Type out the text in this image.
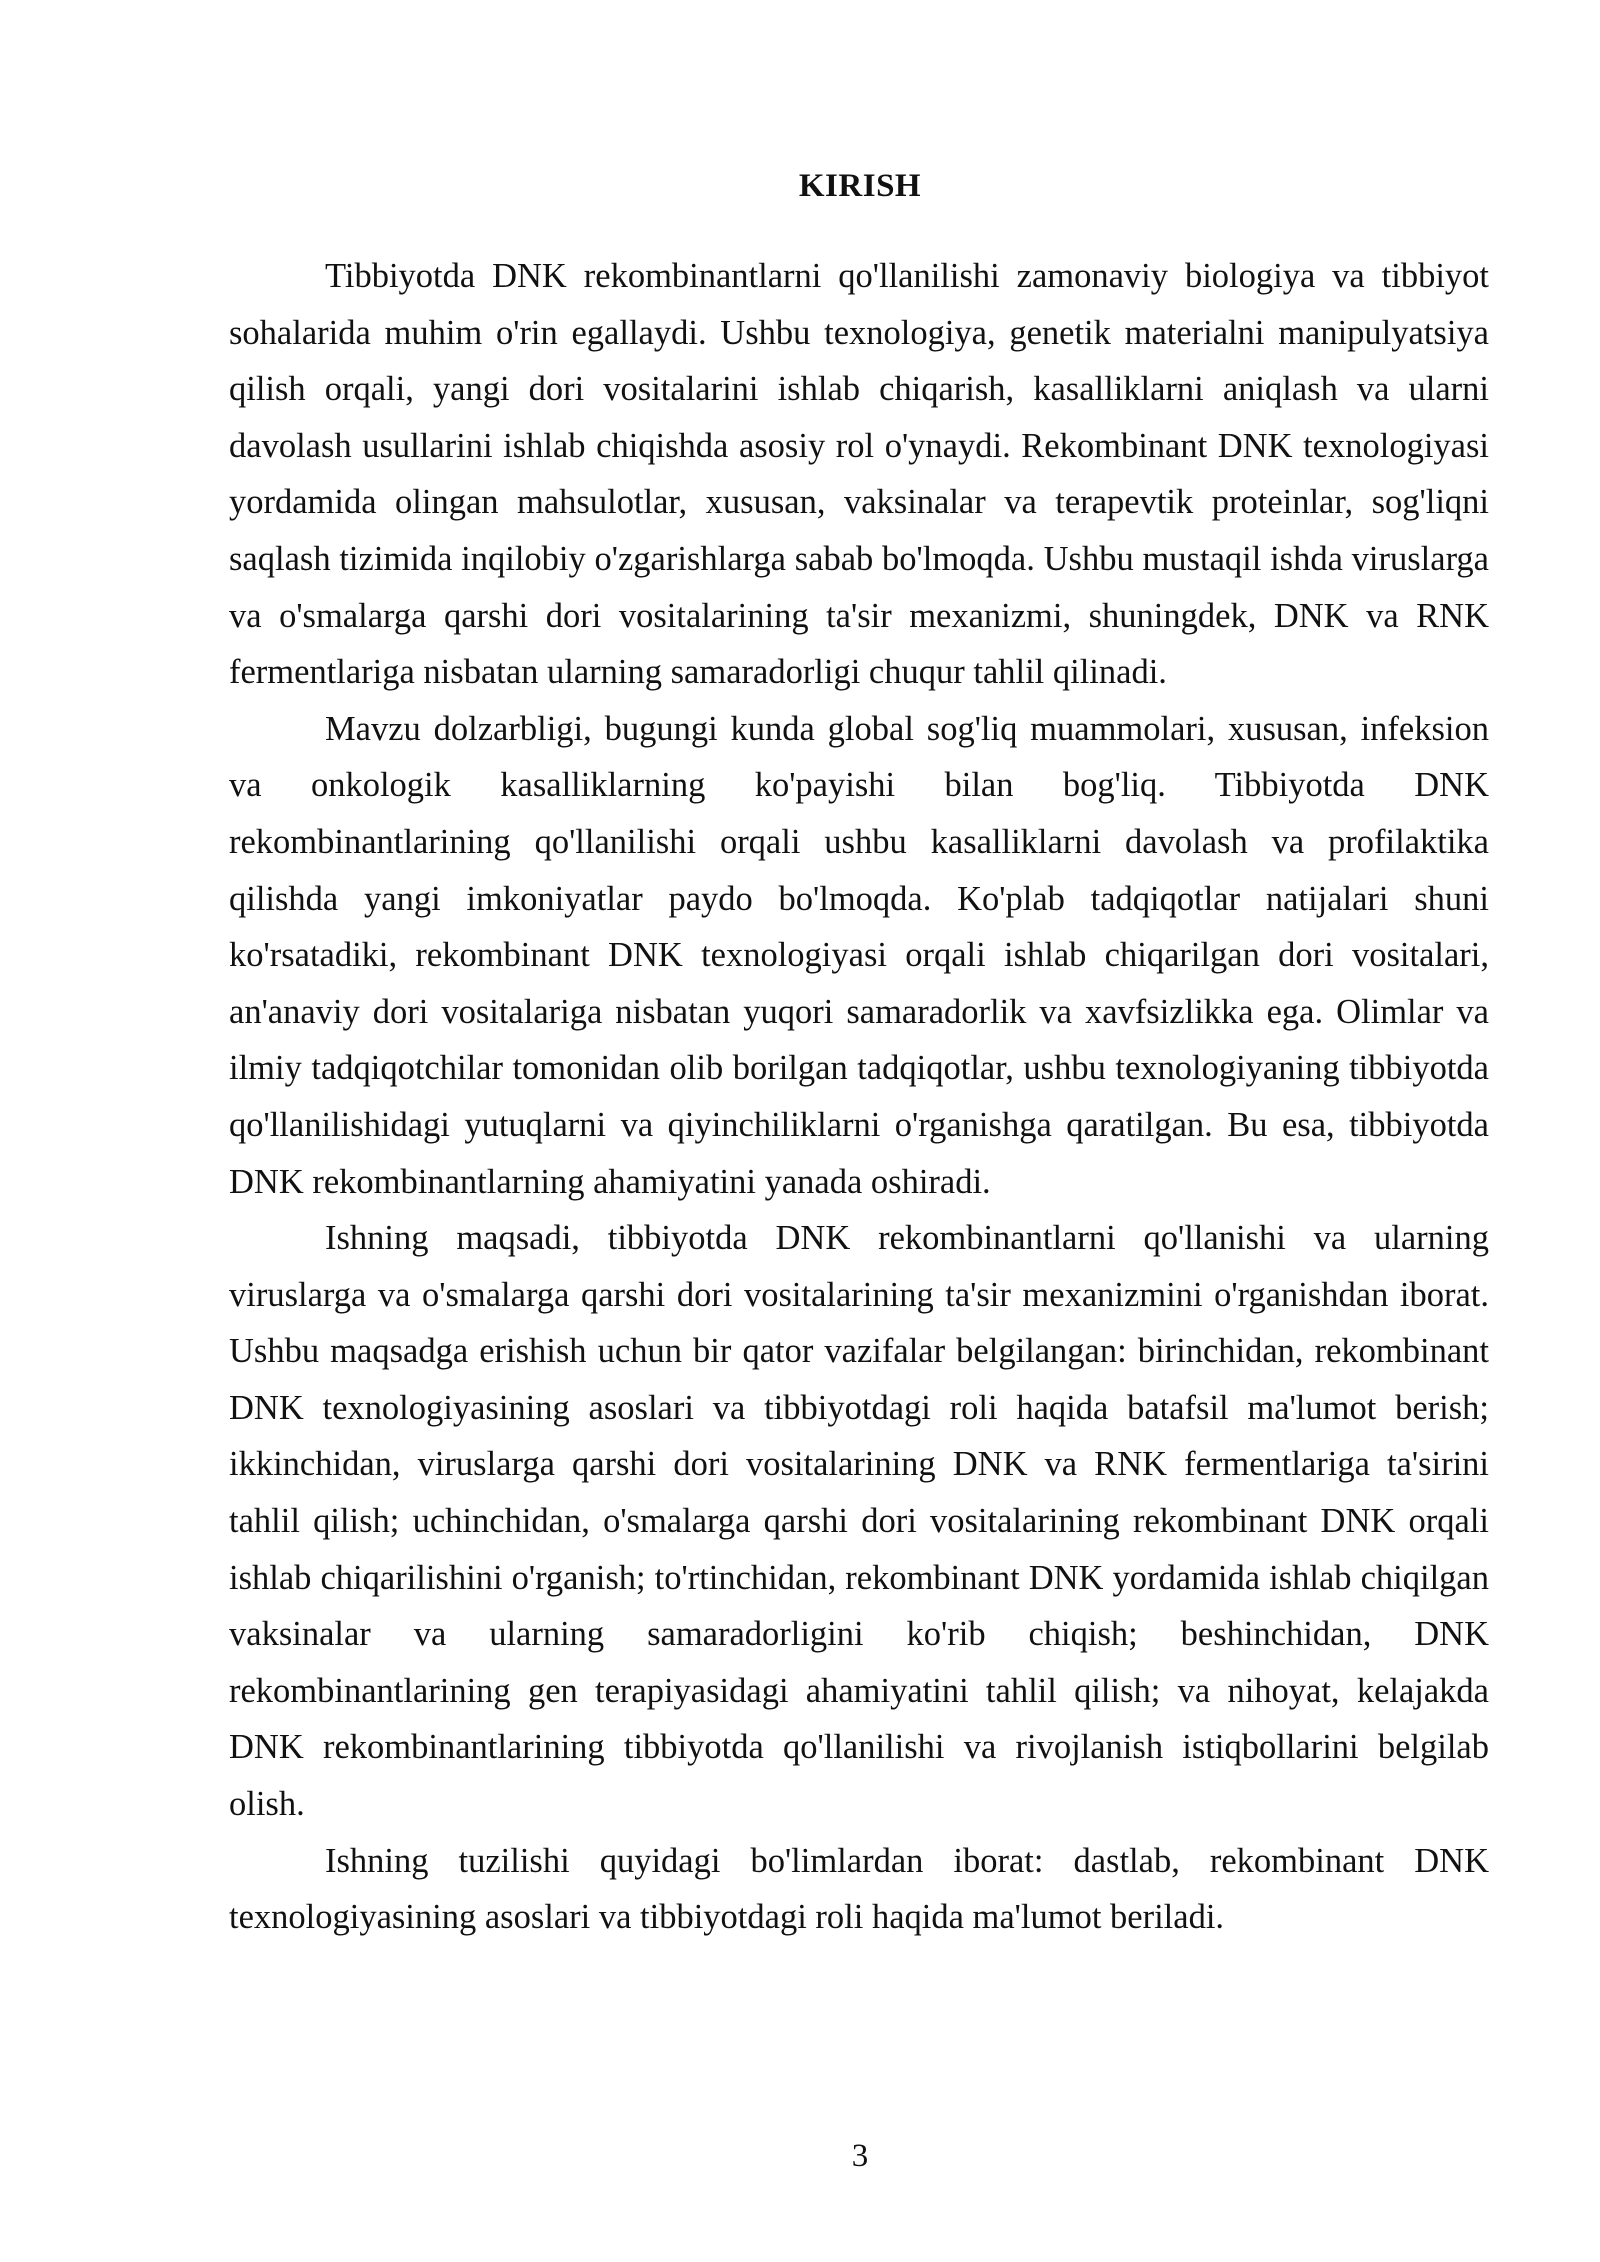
KIRISH

Tibbiyotda DNK rekombinantlarni qo'llanilishi zamonaviy biologiya va tibbiyot sohalarida muhim o'rin egallaydi. Ushbu texnologiya, genetik materialni manipulyatsiya qilish orqali, yangi dori vositalarini ishlab chiqarish, kasalliklarni aniqlash va ularni davolash usullarini ishlab chiqishda asosiy rol o'ynaydi. Rekombinant DNK texnologiyasi yordamida olingan mahsulotlar, xususan, vaksinalar va terapevtik proteinlar, sog'liqni saqlash tizimida inqilobiy o'zgarishlarga sabab bo'lmoqda. Ushbu mustaqil ishda viruslarga va o'smalarga qarshi dori vositalarining ta'sir mexanizmi, shuningdek, DNK va RNK fermentlariga nisbatan ularning samaradorligi chuqur tahlil qilinadi.

Mavzu dolzarbligi, bugungi kunda global sog'liq muammolari, xususan, infeksion va onkologik kasalliklarning ko'payishi bilan bog'liq. Tibbiyotda DNK rekombinantlarining qo'llanilishi orqali ushbu kasalliklarni davolash va profilaktika qilishda yangi imkoniyatlar paydo bo'lmoqda. Ko'plab tadqiqotlar natijalari shuni ko'rsatadiki, rekombinant DNK texnologiyasi orqali ishlab chiqarilgan dori vositalari, an'anaviy dori vositalariga nisbatan yuqori samaradorlik va xavfsizlikka ega. Olimlar va ilmiy tadqiqotchilar tomonidan olib borilgan tadqiqotlar, ushbu texnologiyaning tibbiyotda qo'llanilishidagi yutuqlarni va qiyinchiliklarni o'rganishga qaratilgan. Bu esa, tibbiyotda DNK rekombinantlarning ahamiyatini yanada oshiradi.

Ishning maqsadi, tibbiyotda DNK rekombinantlarni qo'llanishi va ularning viruslarga va o'smalarga qarshi dori vositalarining ta'sir mexanizmini o'rganishdan iborat. Ushbu maqsadga erishish uchun bir qator vazifalar belgilangan: birinchidan, rekombinant DNK texnologiyasining asoslari va tibbiyotdagi roli haqida batafsil ma'lumot berish; ikkinchidan, viruslarga qarshi dori vositalarining DNK va RNK fermentlariga ta'sirini tahlil qilish; uchinchidan, o'smalarga qarshi dori vositalarining rekombinant DNK orqali ishlab chiqarilishini o'rganish; to'rtinchidan, rekombinant DNK yordamida ishlab chiqilgan vaksinalar va ularning samaradorligini ko'rib chiqish; beshinchidan, DNK rekombinantlarining gen terapiyasidagi ahamiyatini tahlil qilish; va nihoyat, kelajakda DNK rekombinantlarining tibbiyotda qo'llanilishi va rivojlanish istiqbollarini belgilab olish.

Ishning tuzilishi quyidagi bo'limlardan iborat: dastlab, rekombinant DNK texnologiyasining asoslari va tibbiyotdagi roli haqida ma'lumot beriladi.

3
